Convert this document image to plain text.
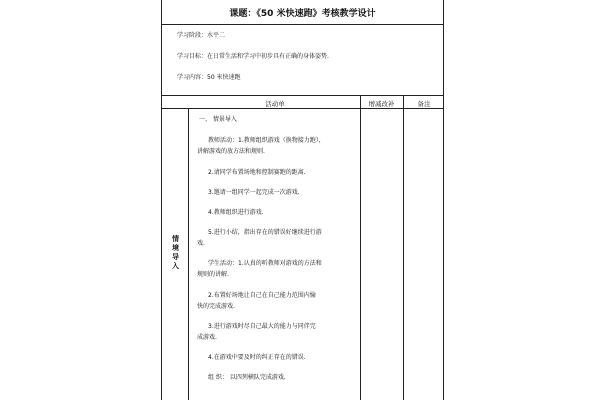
课题：《50 米快速跑》考核教学设计
学习阶段：水平二
学习目标：在日常生活和学习中初步具有正确的身体姿势.
学习内容：50 米快速跑
活动单	增减改补	备注
情
境
导
入
一、 情景导入
教师活动：1.教师组织游戏（换物接力跑），
讲解游戏的放方法和规则.
2.请同学布置场地和控制赛跑的距离.
3.邀请一组同学一起完成一次游戏.
4.教师组织进行游戏.
5.进行小结，指出存在的错误好继续进行游
戏.
学生活动：1.认真的听教师对游戏的方法和
规则的讲解.
2.布置好场地让自己在自己能力范围内愉
快的完成游戏.
3.进行游戏时尽自己最大的能力与同伴完
成游戏.
4.在游戏中要及时的纠正存在的错误.
组 织： 以四列横队完成游戏.
